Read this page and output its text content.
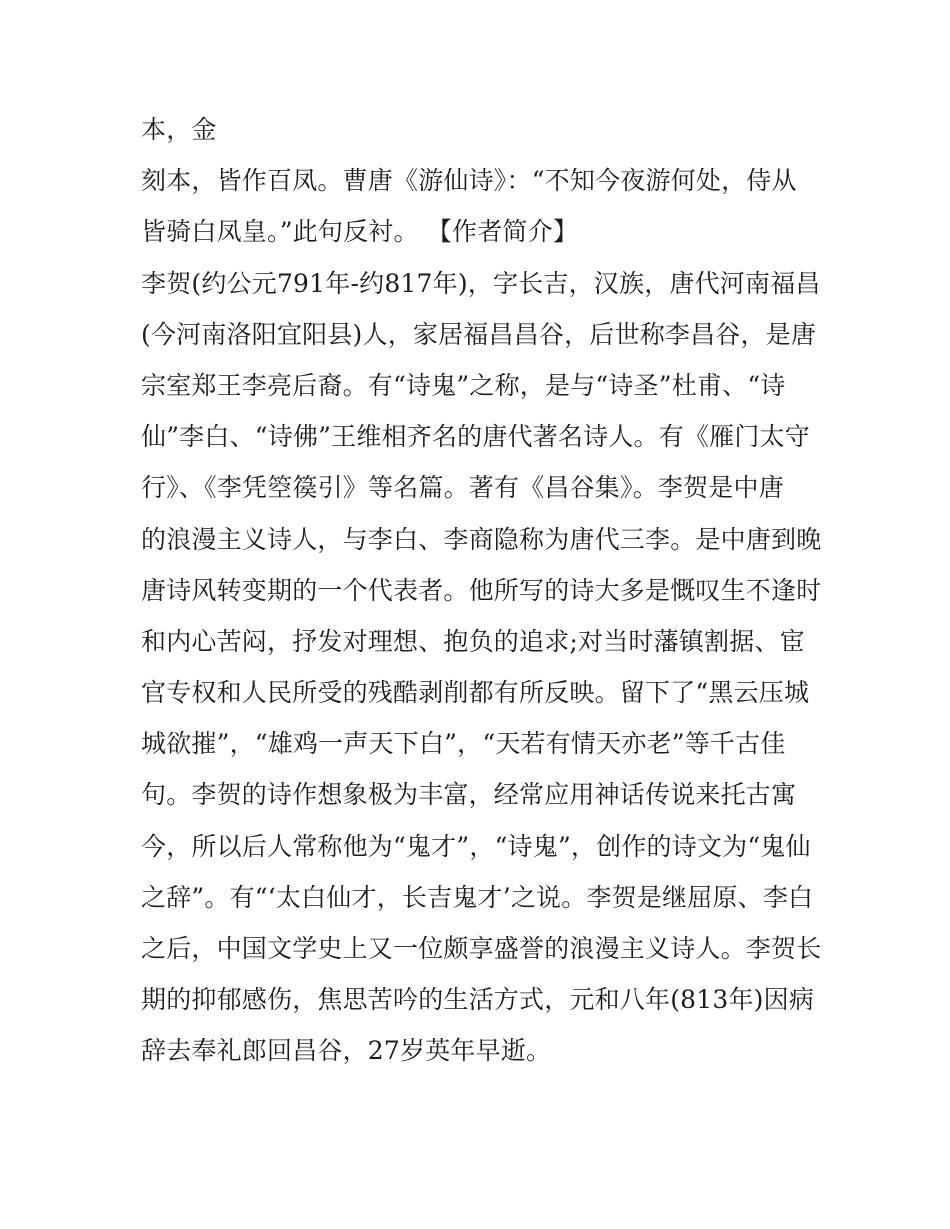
本，金
刻本，皆作百凤。曹唐《游仙诗》：“不知今夜游何处，侍从
皆骑白凤皇。”此句反衬。 【作者简介】
李贺(约公元791年-约817年)，字长吉，汉族，唐代河南福昌
(今河南洛阳宜阳县)人，家居福昌昌谷，后世称李昌谷，是唐
宗室郑王李亮后裔。有“诗鬼”之称，是与“诗圣”杜甫、“诗
仙”李白、“诗佛”王维相齐名的唐代著名诗人。有《雁门太守
行》、《李凭箜篌引》等名篇。著有《昌谷集》。李贺是中唐
的浪漫主义诗人，与李白、李商隐称为唐代三李。是中唐到晚
唐诗风转变期的一个代表者。他所写的诗大多是慨叹生不逢时
和内心苦闷，抒发对理想、抱负的追求;对当时藩镇割据、宦
官专权和人民所受的残酷剥削都有所反映。留下了“黑云压城
城欲摧”，“雄鸡一声天下白”，“天若有情天亦老”等千古佳
句。李贺的诗作想象极为丰富，经常应用神话传说来托古寓
今，所以后人常称他为“鬼才”，“诗鬼”，创作的诗文为“鬼仙
之辞”。有“‘太白仙才，长吉鬼才’之说。李贺是继屈原、李白
之后，中国文学史上又一位颇享盛誉的浪漫主义诗人。李贺长
期的抑郁感伤，焦思苦吟的生活方式，元和八年(813年)因病
辞去奉礼郎回昌谷，27岁英年早逝。
